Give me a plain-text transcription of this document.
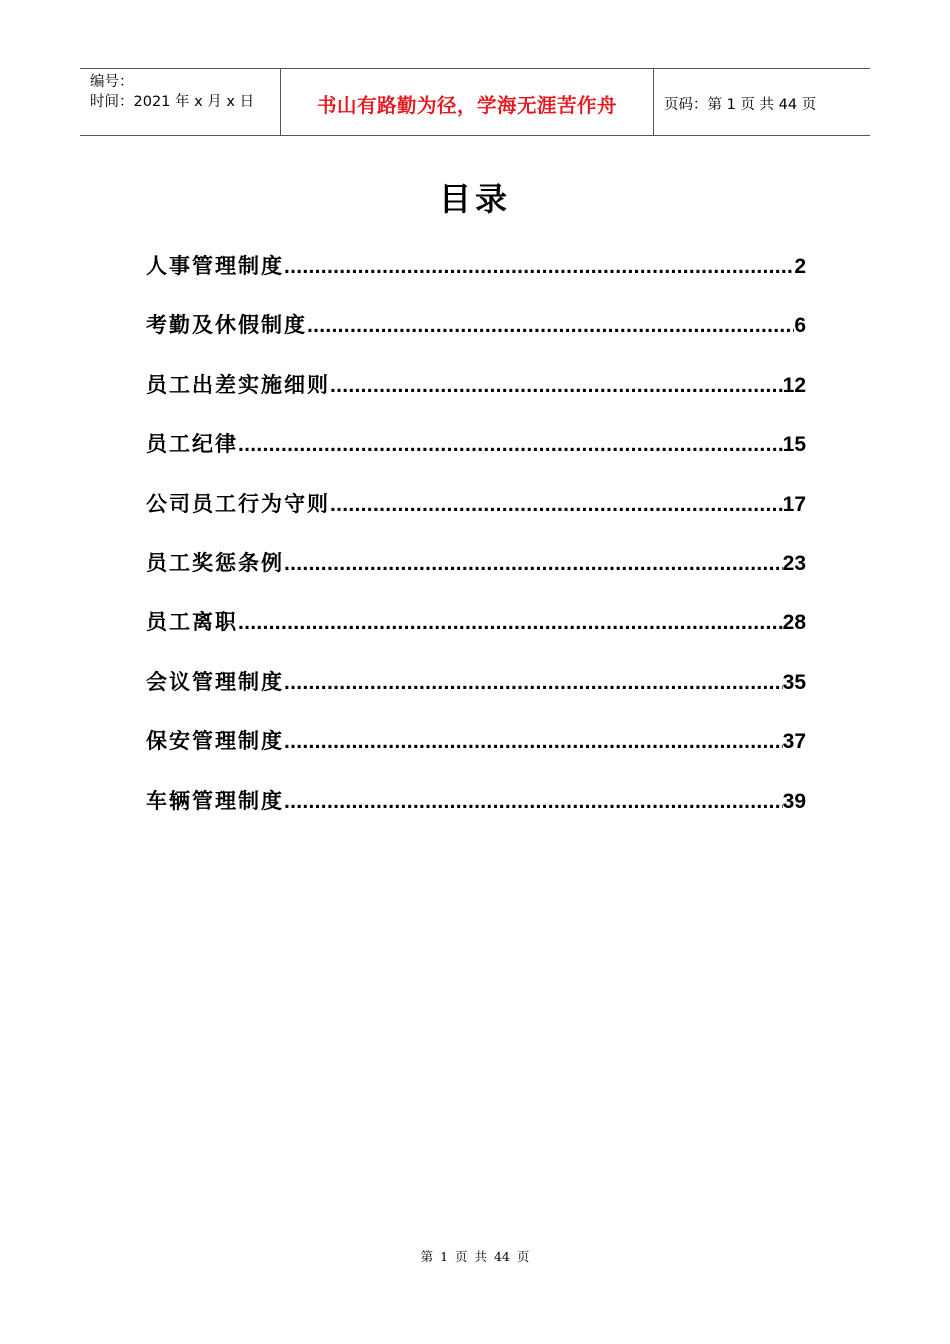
编号：
时间：2021 年 x 月 x 日	书山有路勤为径，学海无涯苦作舟	页码：第 1 页 共 44 页
目录
人事管理制度 .....	2
考勤及休假制度 .....	6
员工出差实施细则 .....	12
员工纪律 .....	15
公司员工行为守则 .....	17
员工奖惩条例 .....	23
员工离职 .....	28
会议管理制度 .....	35
保安管理制度 .....	37
车辆管理制度 .....	39
第 1 页 共 44 页
